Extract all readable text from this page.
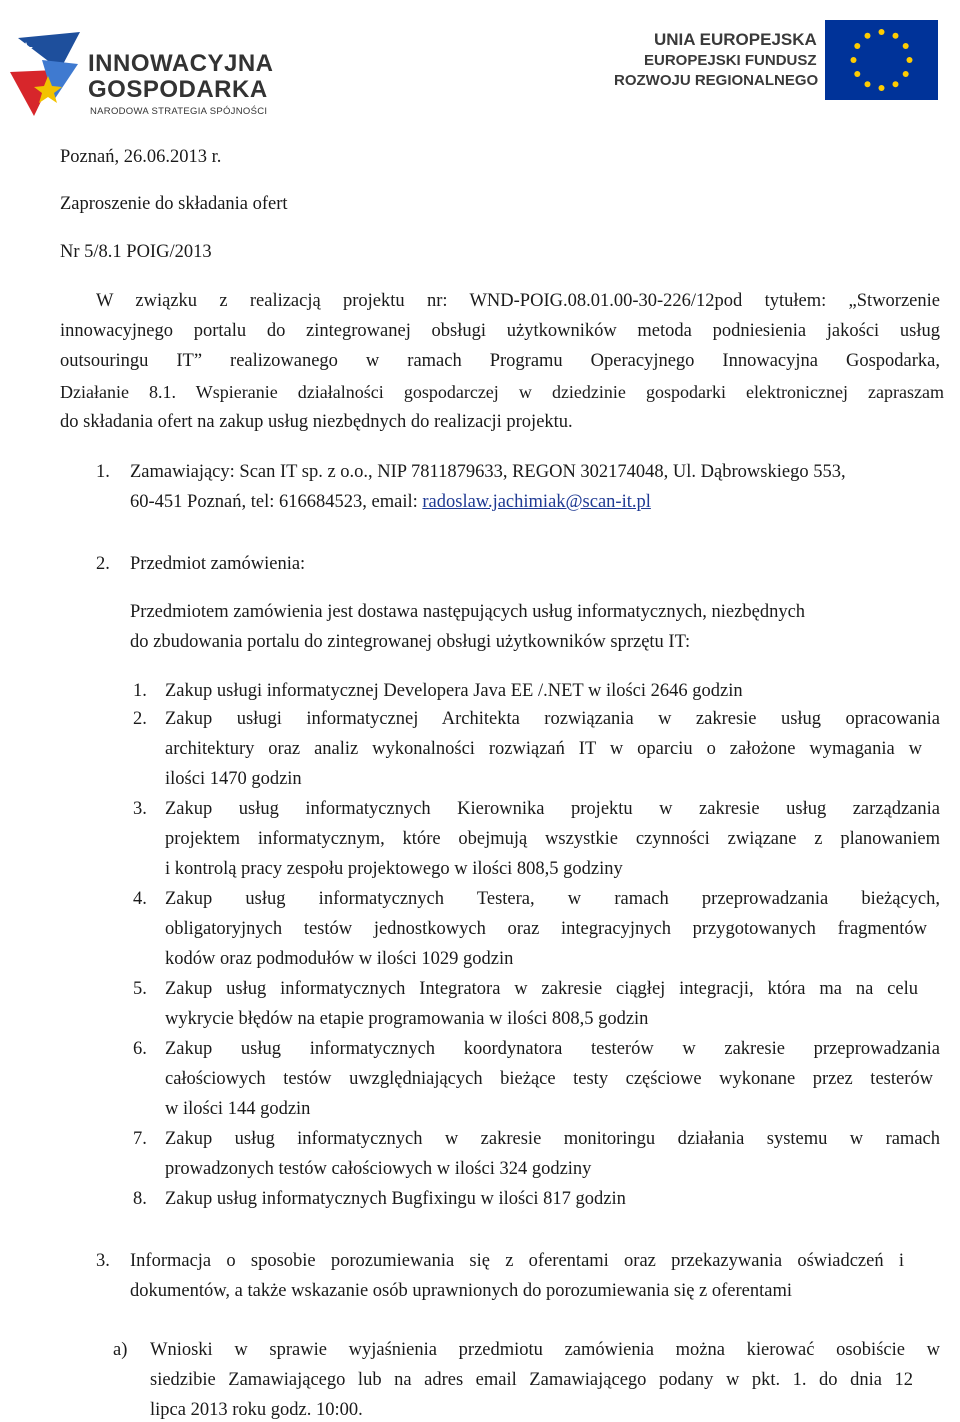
INNOWACYJNA
GOSPODARKA
NARODOWA STRATEGIA SPÓJNOŚCI
UNIA EUROPEJSKA
EUROPEJSKI FUNDUSZ
ROZWOJU REGIONALNEGO
Poznań, 26.06.2013 r.
Zaproszenie do składania ofert
Nr 5/8.1 POIG/2013
W związku z realizacją projektu nr: WND-POIG.08.01.00-30-226/12pod tytułem: „Stworzenie
innowacyjnego portalu do zintegrowanej obsługi użytkowników metoda podniesienia jakości usług
outsouringu IT” realizowanego w ramach Programu Operacyjnego Innowacyjna Gospodarka,
Działanie 8.1. Wspieranie działalności gospodarczej w dziedzinie gospodarki elektronicznej zapraszam
do składania ofert na zakup usług niezbędnych do realizacji projektu.
1. Zamawiający: Scan IT sp. z o.o., NIP 7811879633, REGON 302174048, Ul. Dąbrowskiego 553,
60-451 Poznań, tel: 616684523, email: radoslaw.jachimiak@scan-it.pl
2. Przedmiot zamówienia:
Przedmiotem zamówienia jest dostawa następujących usług informatycznych, niezbędnych
do zbudowania portalu do zintegrowanej obsługi użytkowników sprzętu IT:
1. Zakup usługi informatycznej Developera Java EE /.NET w ilości 2646 godzin
2. Zakup usługi informatycznej Architekta rozwiązania w zakresie usług opracowania
architektury oraz analiz wykonalności rozwiązań IT w oparciu o założone wymagania w
ilości 1470 godzin
3. Zakup usług informatycznych Kierownika projektu w zakresie usług zarządzania
projektem informatycznym, które obejmują wszystkie czynności związane z planowaniem
i kontrolą pracy zespołu projektowego w ilości 808,5 godziny
4. Zakup usług informatycznych Testera, w ramach przeprowadzania bieżących,
obligatoryjnych testów jednostkowych oraz integracyjnych przygotowanych fragmentów
kodów oraz podmodułów w ilości 1029 godzin
5. Zakup usług informatycznych Integratora w zakresie ciągłej integracji, która ma na celu
wykrycie błędów na etapie programowania w ilości 808,5 godzin
6. Zakup usług informatycznych koordynatora testerów w zakresie przeprowadzania
całościowych testów uwzględniających bieżące testy częściowe wykonane przez testerów
w ilości 144 godzin
7. Zakup usług informatycznych w zakresie monitoringu działania systemu w ramach
prowadzonych testów całościowych w ilości 324 godziny
8. Zakup usług informatycznych Bugfixingu w ilości 817 godzin
3. Informacja o sposobie porozumiewania się z oferentami oraz przekazywania oświadczeń i
dokumentów, a także wskazanie osób uprawnionych do porozumiewania się z oferentami
a) Wnioski w sprawie wyjaśnienia przedmiotu zamówienia można kierować osobiście w
siedzibie Zamawiającego lub na adres email Zamawiającego podany w pkt. 1. do dnia 12
lipca 2013 roku godz. 10:00.
